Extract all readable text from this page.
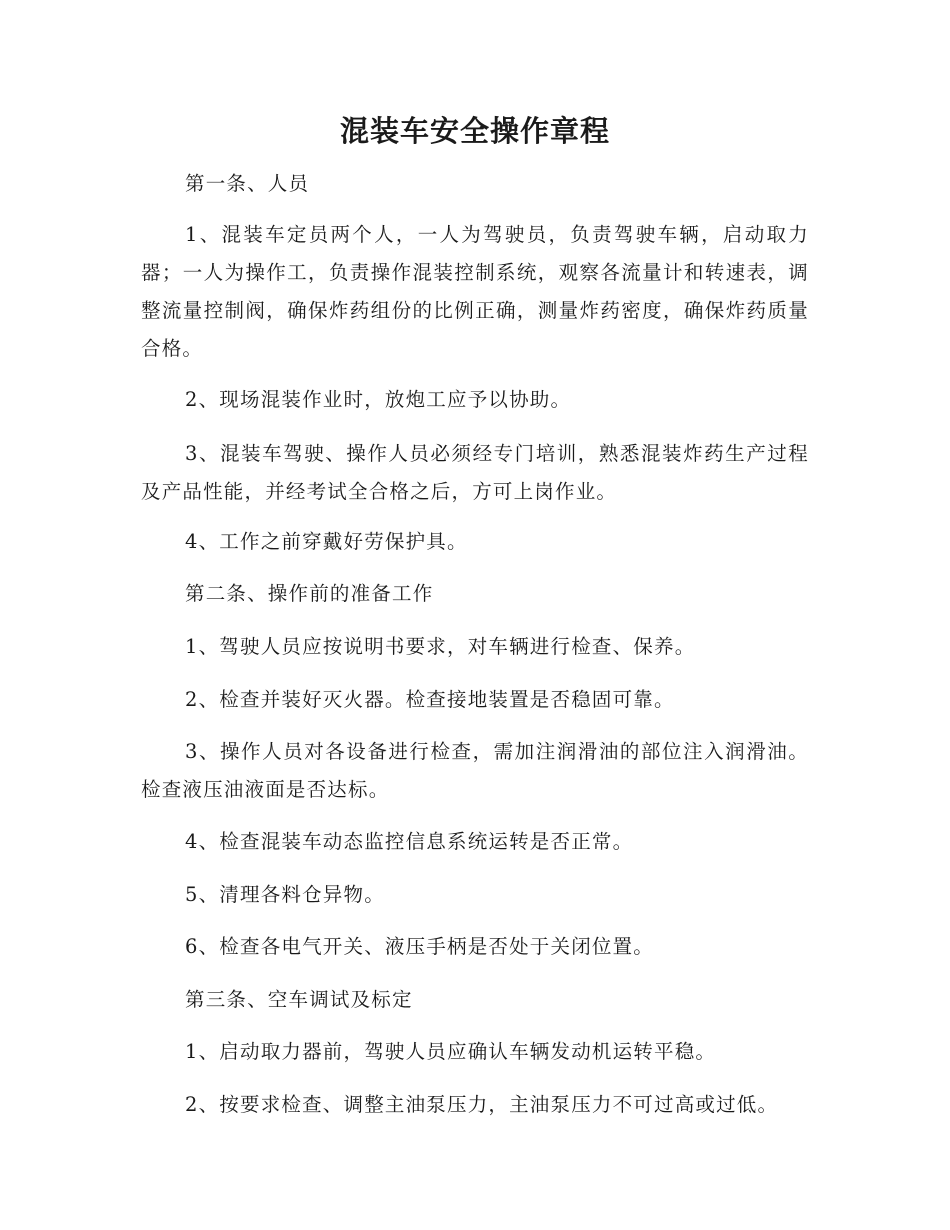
混装车安全操作章程

第一条、人员

1、混装车定员两个人，一人为驾驶员，负责驾驶车辆，启动取力器；一人为操作工，负责操作混装控制系统，观察各流量计和转速表，调整流量控制阀，确保炸药组份的比例正确，测量炸药密度，确保炸药质量合格。

2、现场混装作业时，放炮工应予以协助。

3、混装车驾驶、操作人员必须经专门培训，熟悉混装炸药生产过程及产品性能，并经考试全合格之后，方可上岗作业。

4、工作之前穿戴好劳保护具。

第二条、操作前的准备工作

1、驾驶人员应按说明书要求，对车辆进行检查、保养。

2、检查并装好灭火器。检查接地装置是否稳固可靠。

3、操作人员对各设备进行检查，需加注润滑油的部位注入润滑油。检查液压油液面是否达标。

4、检查混装车动态监控信息系统运转是否正常。

5、清理各料仓异物。

6、检查各电气开关、液压手柄是否处于关闭位置。

第三条、空车调试及标定

1、启动取力器前，驾驶人员应确认车辆发动机运转平稳。

2、按要求检查、调整主油泵压力，主油泵压力不可过高或过低。
